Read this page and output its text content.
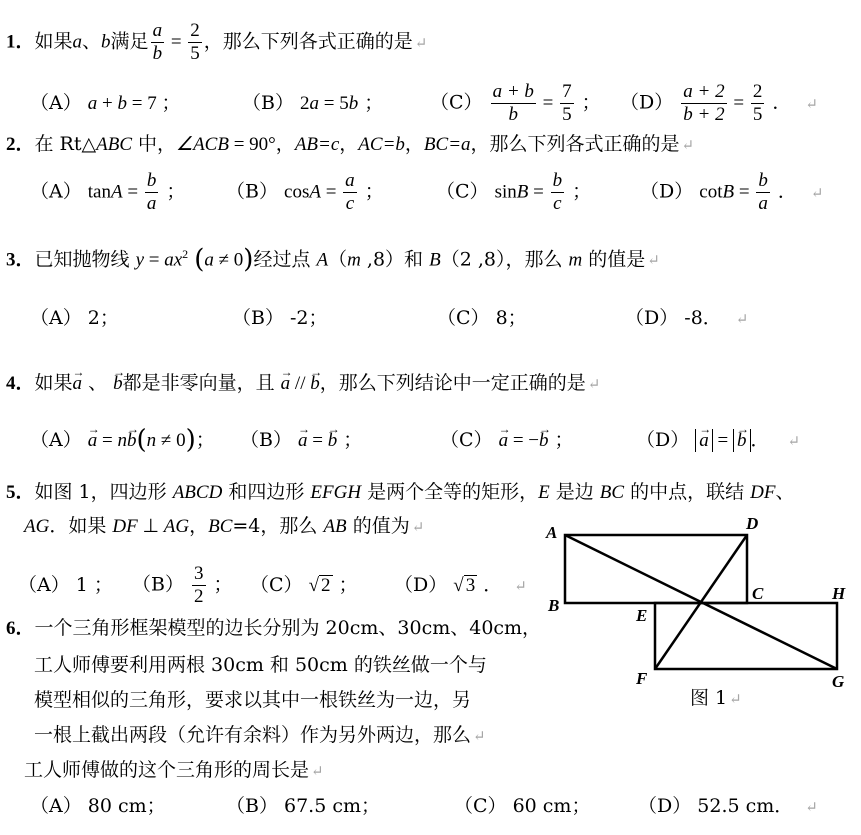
1．如果a、b满足 $\frac{a}{b} = \frac{2}{5}$ ，那么下列各式正确的是 ↵
（A） a + b = 7 ；	（B） 2a = 5b ； $(C) \frac{a + b}{b} = \frac{7}{5}$ ； $(D) \frac{a + 2}{b + 2} = \frac{2}{5}$ ． ↵
2．在 Rt△ABC 中，∠ACB = 90°，AB=c，AC=b，BC=a，那么下列各式正确的是 ↵
（A） $\tan A = \frac{b}{a}$ ； （B） $\cos A = \frac{a}{c}$ ；	（C） $\sin B = \frac{b}{c}$ ；	（D） $\cot B = \frac{b}{a}$ ． ↵
3．已知抛物线 $y = ax^2$ (a ≠ 0)经过点 A（m ,8）和 B（2 ,8），那么 m 的值是 ↵
（A） 2；	（B） -2；	（C） 8；	（D） -8． ↵
4．如果→ a 、 → b都是非零向量，且 → a // → b，那么下列结论中一定正确的是 ↵
（A） → a = n→ b(n ≠ 0)； （B） → a = → b ；	（C） → a = −→ b ；	（D） → a = → b ． ↵
5．如图 1，四边形 ABCD 和四边形 EFGH 是两个全等的矩形，E 是边 BC 的中点，联结 DF、
AG．如果 DF ⊥ AG，BC=4，那么 AB 的值为 ↵
（A） 1 ； $(B) \frac{3}{2}$ ； （C） √ 2 ； （D） √ 3 ． ↵
A
B
C
D
E
F	G
H
图 1 ↵
6．一个三角形框架模型的边长分别为 20cm、30cm、40cm，
工人师傅要利用两根 30cm 和 50cm 的铁丝做一个与
模型相似的三角形，要求以其中一根铁丝为一边，另
一根上截出两段（允许有余料）作为另外两边，那么 ↵
工人师傅做的这个三角形的周长是 ↵
（A） 80 cm；	（B） 67.5 cm；	（C） 60 cm；	（D） 52.5 cm． ↵
